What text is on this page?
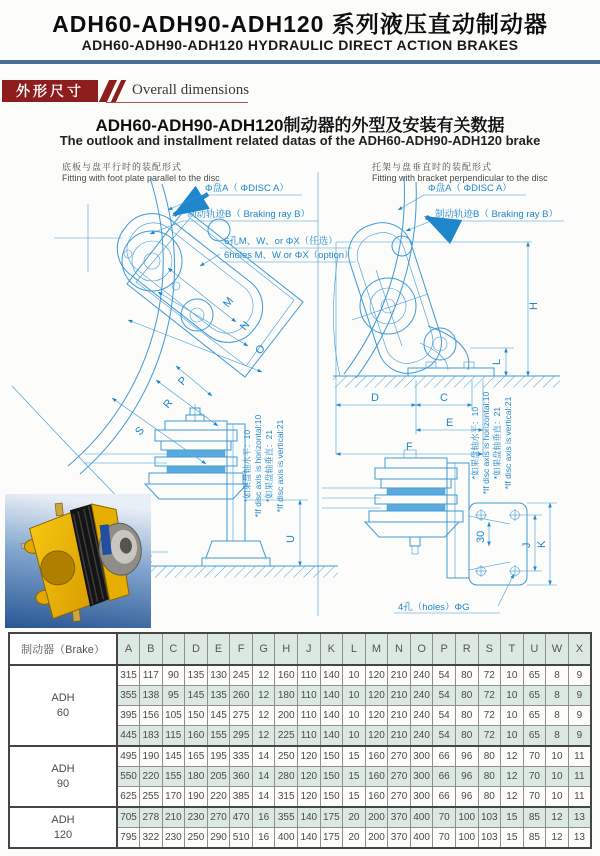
ADH60-ADH90-ADH120 系列液压直动制动器
ADH60-ADH90-ADH120 HYDRAULIC DIRECT ACTION BRAKES
外形尺寸	Overall dimensions
ADH60-ADH90-ADH120制动器的外型及安装有关数据
The outlook and installment related datas of the ADH60-ADH90-ADH120 brake
底板与盘平行时的装配形式
Fitting with foot plate parallel to the disc
托架与盘垂直时的装配形式
Fitting with bracket perpendicular to the disc
Φ盘A（ ΦDISC A）
制动轨迹B（ Braking ray B）
6孔M、W、or ΦX（任选）
6holes M、W or ΦX（option）
M
N
O
P
R
S
U
*如果盘轴水平：10 *If disc axis is horizontal:10 *如果盘轴垂直：21 *If disc axis is vertical:21
Φ盘A（ ΦDISC A）
制动轨迹B（ Braking ray B）
H
L
D	C
E
F
30
J K
4孔（holes）ΦG
*如果盘轴水平：10 *If disc axis is horizontal:10 *如果盘轴垂直：21 *If disc axis is vertical:21
制动器（Brake）	A	B	C	D	E	F	G	H	J	K	L	M	N	O	P	R	S	T	U	W	X

ADH
60	315	117	90	135	130	245	12	160	110	140	10	120	210	240	54	80	72	10	65	8	9
	355	138	95	145	135	260	12	180	110	140	10	120	210	240	54	80	72	10	65	8	9
	395	156	105	150	145	275	12	200	110	140	10	120	210	240	54	80	72	10	65	8	9
	445	183	115	160	155	295	12	225	110	140	10	120	210	240	54	80	72	10	65	8	9

ADH
90	495	190	145	165	195	335	14	250	120	150	15	160	270	300	66	96	80	12	70	10	11
	550	220	155	180	205	360	14	280	120	150	15	160	270	300	66	96	80	12	70	10	11
	625	255	170	190	220	385	14	315	120	150	15	160	270	300	66	96	80	12	70	10	11

ADH
120	705	278	210	230	270	470	16	355	140	175	20	200	370	400	70	100	103	15	85	12	13
	795	322	230	250	290	510	16	400	140	175	20	200	370	400	70	100	103	15	85	12	13
